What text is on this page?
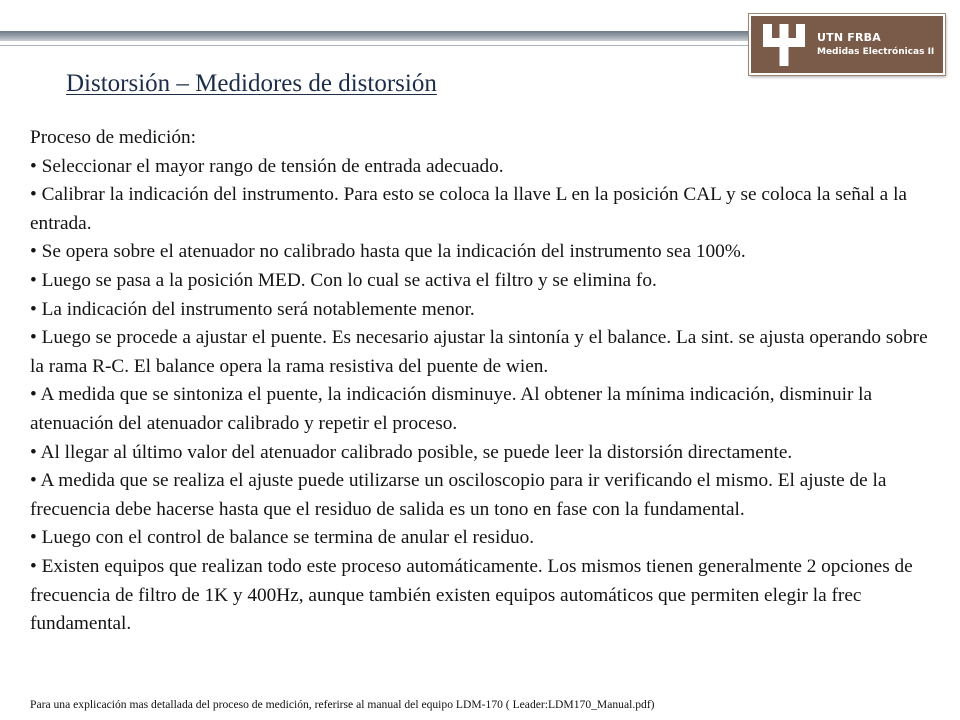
UTN FRBA
Medidas Electrónicas II
Distorsión – Medidores de distorsión
Proceso de medición:
• Seleccionar el mayor rango de tensión de entrada adecuado.
• Calibrar la indicación del instrumento. Para esto se coloca la llave L en la posición CAL y se coloca la señal a la entrada.
• Se opera sobre el atenuador no calibrado hasta que la indicación del instrumento sea 100%.
• Luego se pasa a la posición MED. Con lo cual se activa el filtro y se elimina fo.
• La indicación del instrumento será notablemente menor.
• Luego se procede a ajustar el puente. Es necesario ajustar la sintonía y el balance. La sint. se ajusta operando sobre la rama R-C. El balance opera la rama resistiva del puente de wien.
• A medida que se sintoniza el puente, la indicación disminuye. Al obtener la mínima indicación, disminuir la atenuación del atenuador calibrado y repetir el proceso.
• Al llegar al último valor del atenuador calibrado posible, se puede leer la distorsión directamente.
• A medida que se realiza el ajuste puede utilizarse un osciloscopio para ir verificando el mismo. El ajuste de la frecuencia debe hacerse hasta que el residuo de salida es un tono en fase con la fundamental.
• Luego con el control de balance se termina de anular el residuo.
• Existen equipos que realizan todo este proceso automáticamente. Los mismos tienen generalmente 2 opciones de frecuencia de filtro de 1K y 400Hz, aunque también existen equipos automáticos que permiten elegir la frec fundamental.
Para una explicación mas detallada del proceso de medición, referirse al manual del equipo LDM-170 ( Leader:LDM170_Manual.pdf)
